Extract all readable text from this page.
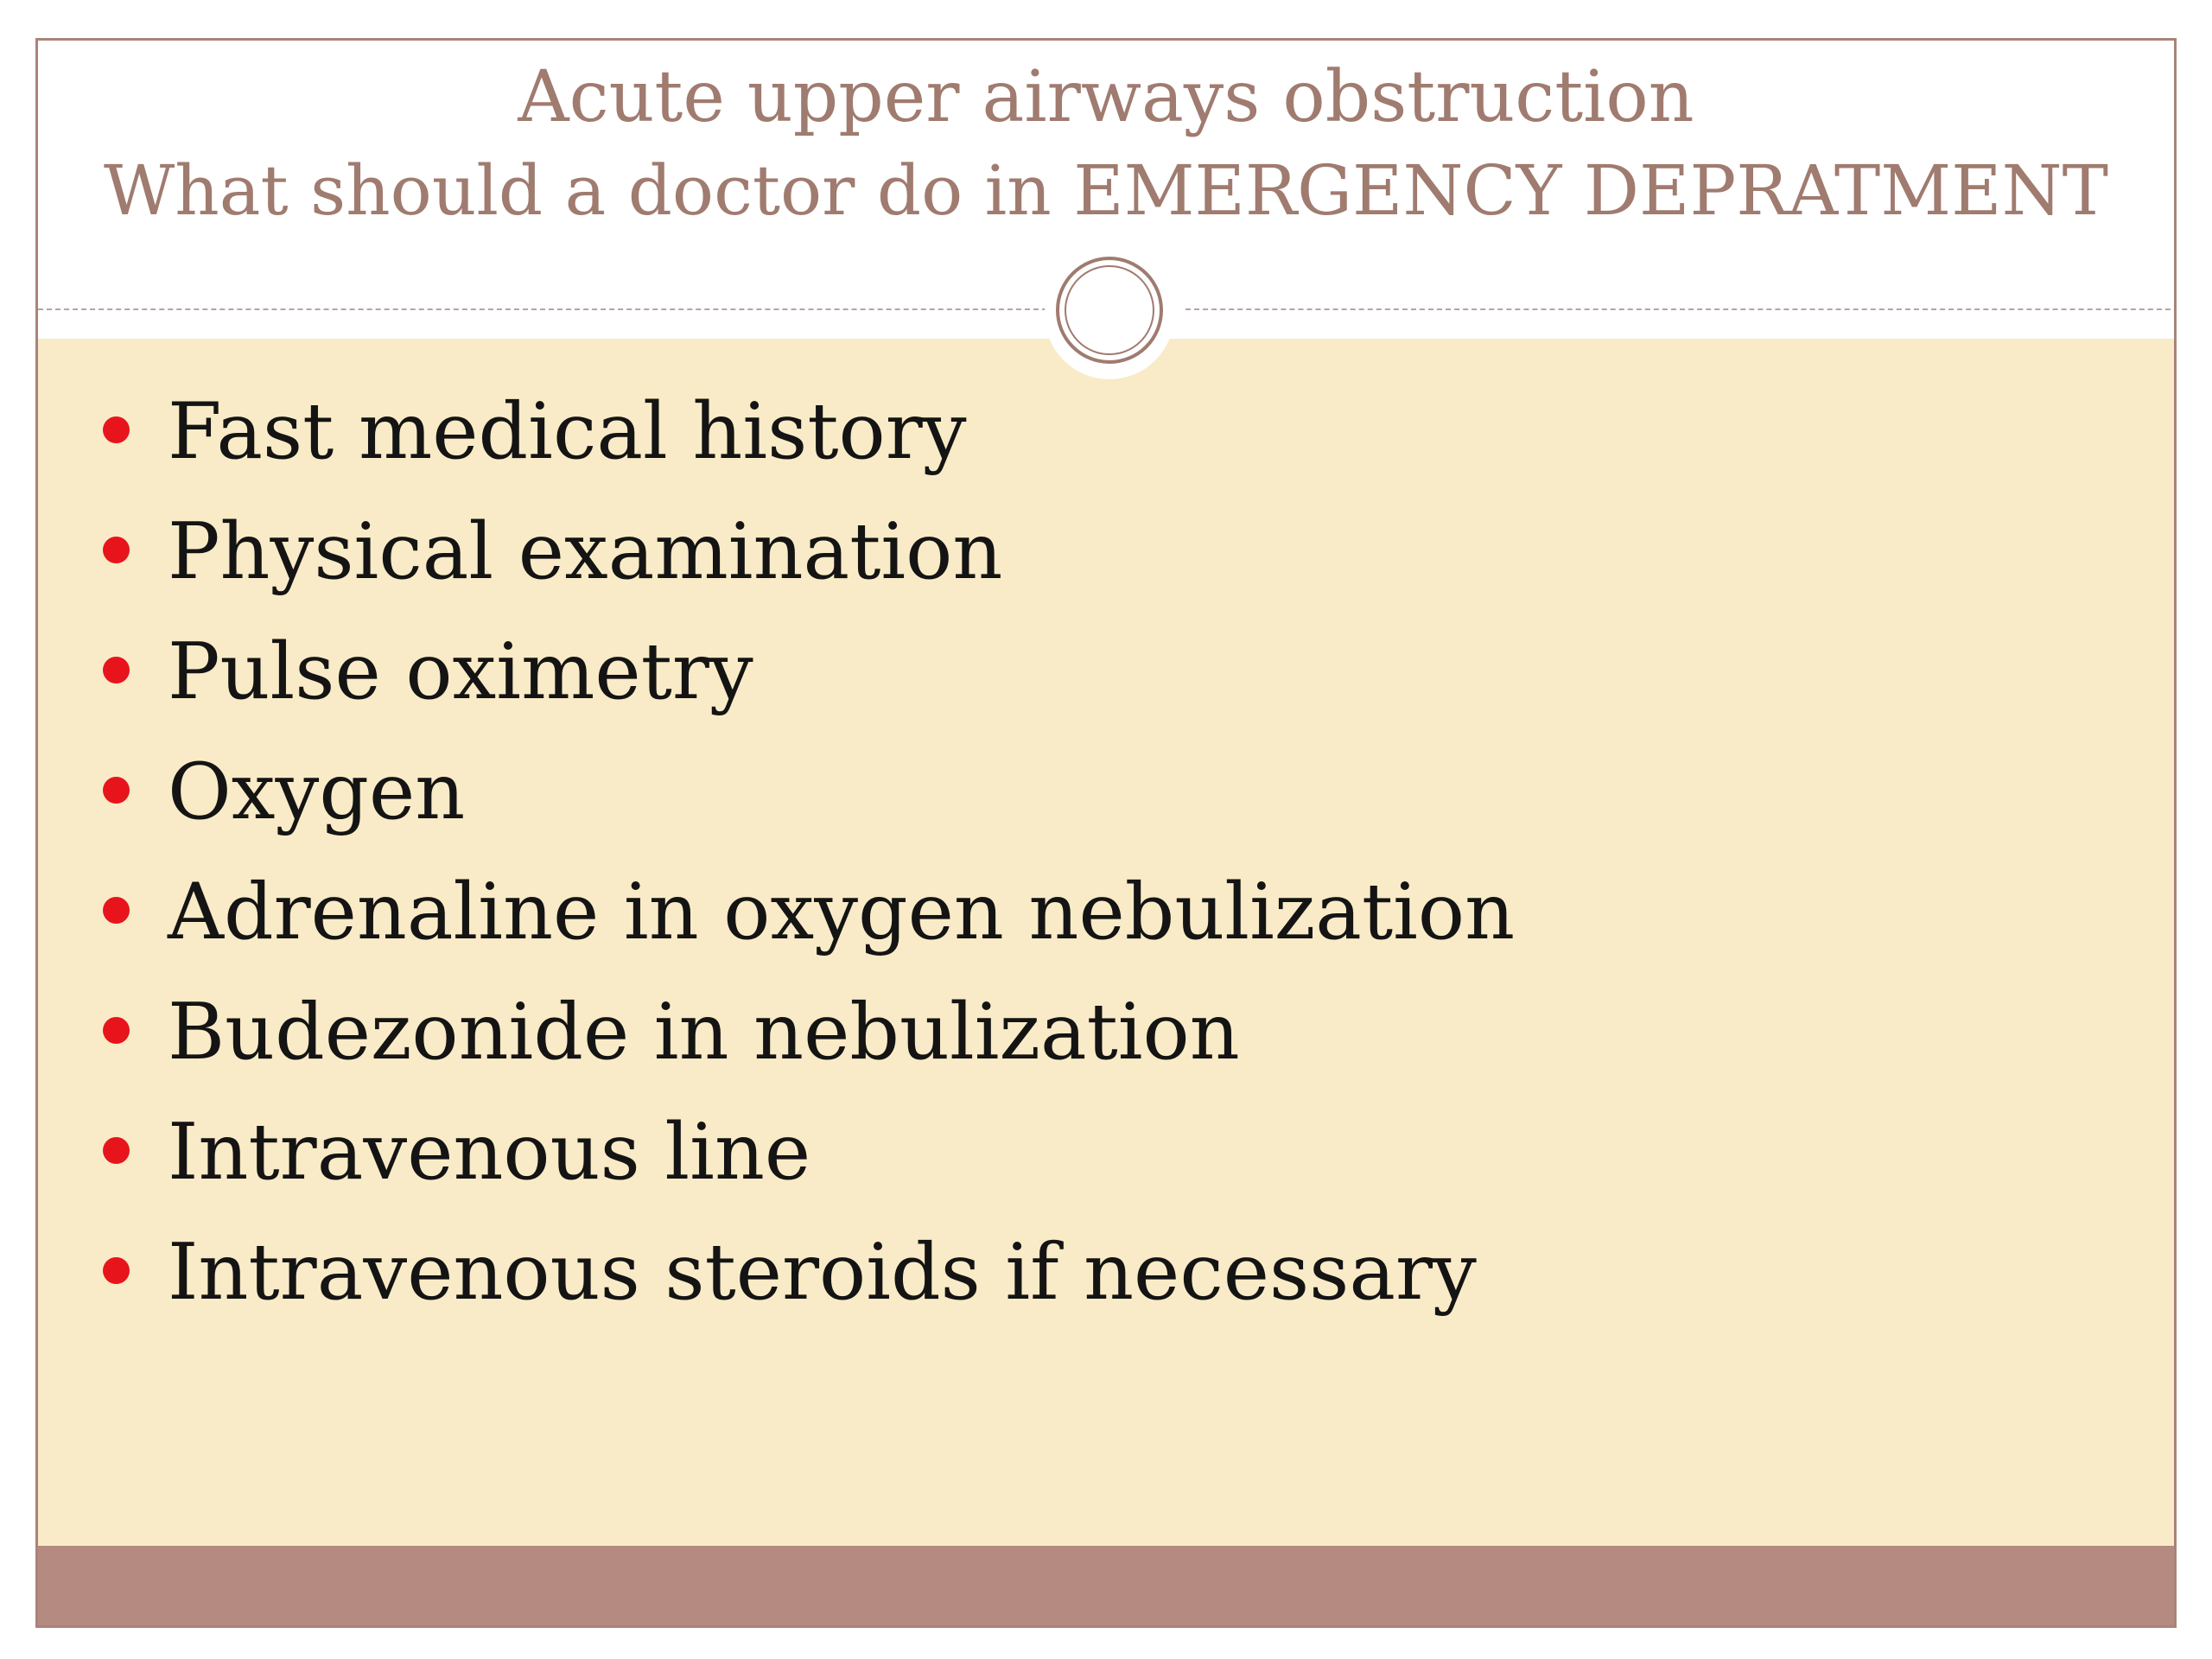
Acute upper airways obstruction
What should a doctor do in EMERGENCY DEPRATMENT
Fast medical history
Physical examination
Pulse oximetry
Oxygen
Adrenaline in oxygen nebulization
Budezonide in nebulization
Intravenous line
Intravenous steroids if necessary
